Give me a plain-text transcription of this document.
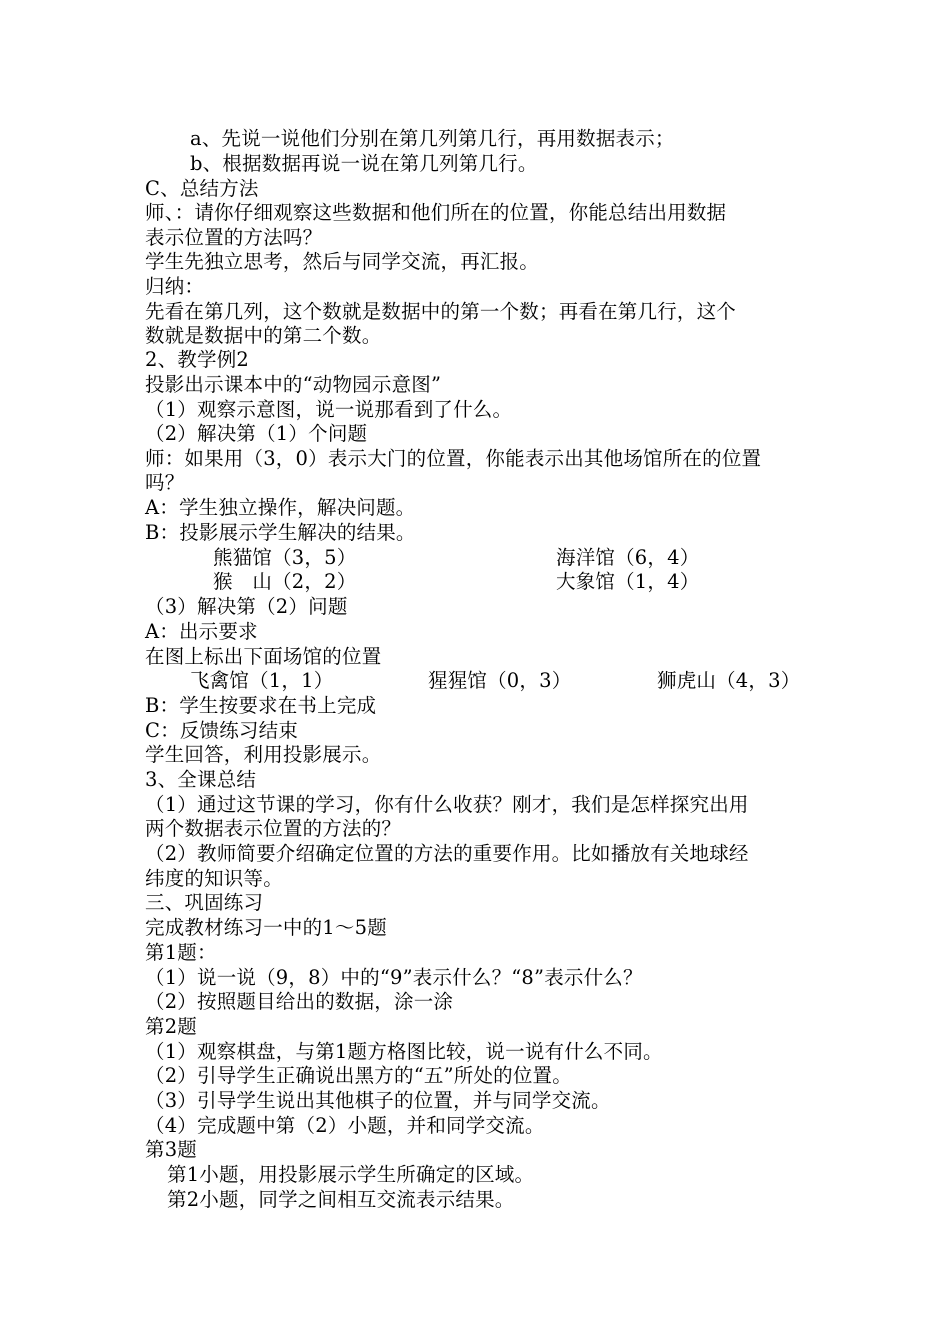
a、先说一说他们分别在第几列第几行，再用数据表示；
b、根据数据再说一说在第几列第几行。
C、总结方法
师、：请你仔细观察这些数据和他们所在的位置，你能总结出用数据
表示位置的方法吗？
学生先独立思考，然后与同学交流，再汇报。
归纳：
先看在第几列，这个数就是数据中的第一个数；再看在第几行，这个
数就是数据中的第二个数。
2、教学例2
投影出示课本中的“动物园示意图”
（1）观察示意图，说一说那看到了什么。
（2）解决第（1）个问题
师：如果用（3，0）表示大门的位置，你能表示出其他场馆所在的位置
吗？
A：学生独立操作，解决问题。
B：投影展示学生解决的结果。
熊猫馆（3，5）	海洋馆（6，4）
猴　山（2，2）	大象馆（1，4）
（3）解决第（2）问题
A：出示要求
在图上标出下面场馆的位置
飞禽馆（1，1）	猩猩馆（0，3）	狮虎山（4，3）
B：学生按要求在书上完成
C：反馈练习结束
学生回答，利用投影展示。
3、全课总结
（1）通过这节课的学习，你有什么收获？刚才，我们是怎样探究出用
两个数据表示位置的方法的？
（2）教师简要介绍确定位置的方法的重要作用。比如播放有关地球经
纬度的知识等。
三、巩固练习
完成教材练习一中的1～5题
第1题：
（1）说一说（9，8）中的“9”表示什么？“8”表示什么？
（2）按照题目给出的数据，涂一涂
第2题
（1）观察棋盘，与第1题方格图比较，说一说有什么不同。
（2）引导学生正确说出黑方的“五”所处的位置。
（3）引导学生说出其他棋子的位置，并与同学交流。
（4）完成题中第（2）小题，并和同学交流。
第3题
第1小题，用投影展示学生所确定的区域。
第2小题，同学之间相互交流表示结果。
